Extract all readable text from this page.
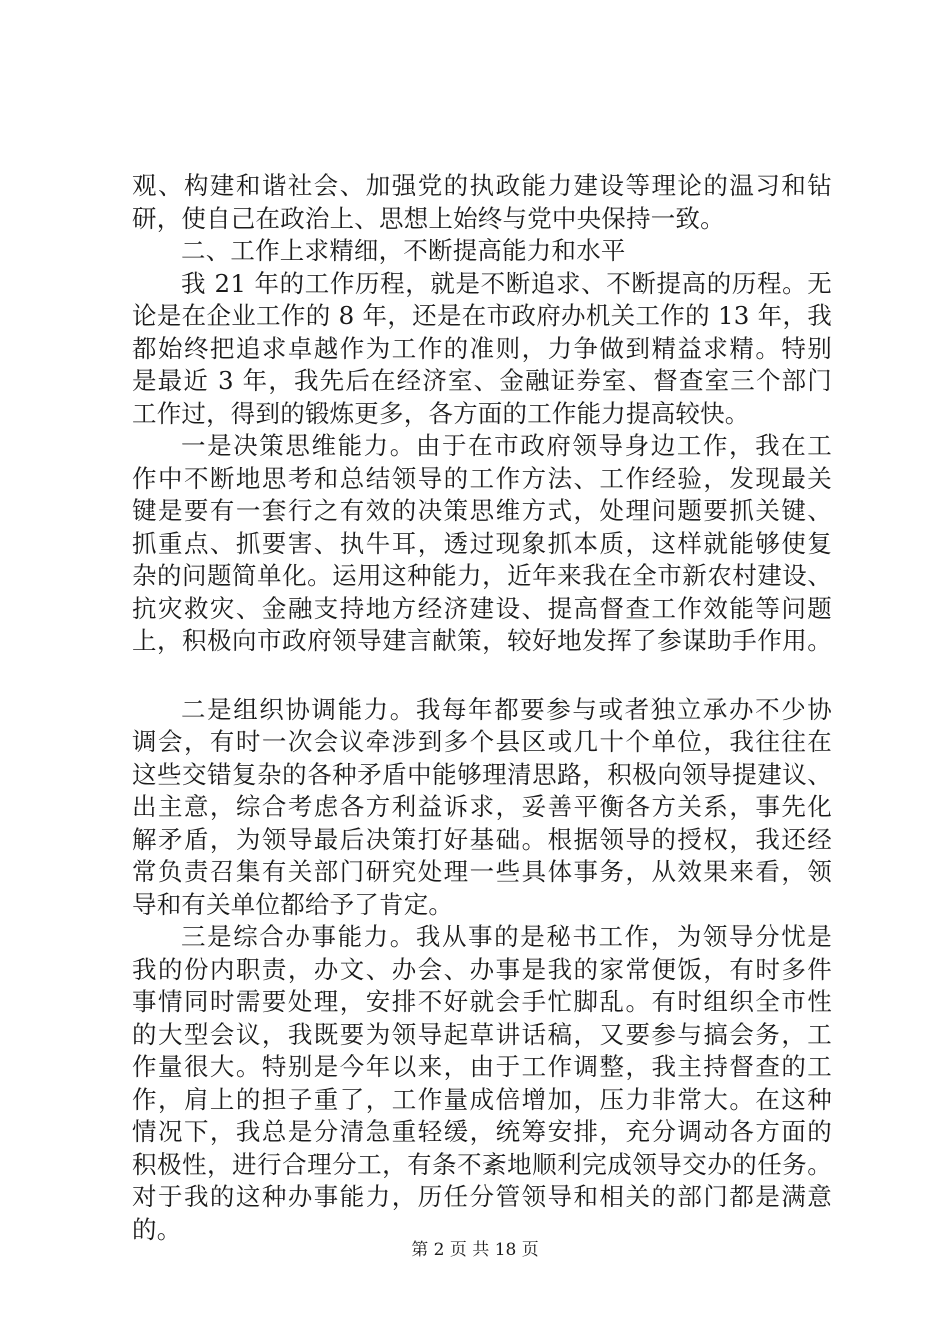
观、构建和谐社会、加强党的执政能力建设等理论的温习和钻
研，使自己在政治上、思想上始终与党中央保持一致。
二、工作上求精细，不断提高能力和水平
我 21 年的工作历程，就是不断追求、不断提高的历程。无
论是在企业工作的 8 年，还是在市政府办机关工作的 13 年，我
都始终把追求卓越作为工作的准则，力争做到精益求精。特别
是最近 3 年，我先后在经济室、金融证券室、督查室三个部门
工作过，得到的锻炼更多，各方面的工作能力提高较快。
一是决策思维能力。由于在市政府领导身边工作，我在工
作中不断地思考和总结领导的工作方法、工作经验，发现最关
键是要有一套行之有效的决策思维方式，处理问题要抓关键、
抓重点、抓要害、执牛耳，透过现象抓本质，这样就能够使复
杂的问题简单化。运用这种能力，近年来我在全市新农村建设、
抗灾救灾、金融支持地方经济建设、提高督查工作效能等问题
上，积极向市政府领导建言献策，较好地发挥了参谋助手作用。
二是组织协调能力。我每年都要参与或者独立承办不少协
调会，有时一次会议牵涉到多个县区或几十个单位，我往往在
这些交错复杂的各种矛盾中能够理清思路，积极向领导提建议、
出主意，综合考虑各方利益诉求，妥善平衡各方关系，事先化
解矛盾，为领导最后决策打好基础。根据领导的授权，我还经
常负责召集有关部门研究处理一些具体事务，从效果来看，领
导和有关单位都给予了肯定。
三是综合办事能力。我从事的是秘书工作，为领导分忧是
我的份内职责，办文、办会、办事是我的家常便饭，有时多件
事情同时需要处理，安排不好就会手忙脚乱。有时组织全市性
的大型会议，我既要为领导起草讲话稿，又要参与搞会务，工
作量很大。特别是今年以来，由于工作调整，我主持督查的工
作，肩上的担子重了，工作量成倍增加，压力非常大。在这种
情况下，我总是分清急重轻缓，统筹安排，充分调动各方面的
积极性，进行合理分工，有条不紊地顺利完成领导交办的任务。
对于我的这种办事能力，历任分管领导和相关的部门都是满意
的。
第 2 页 共 18 页
